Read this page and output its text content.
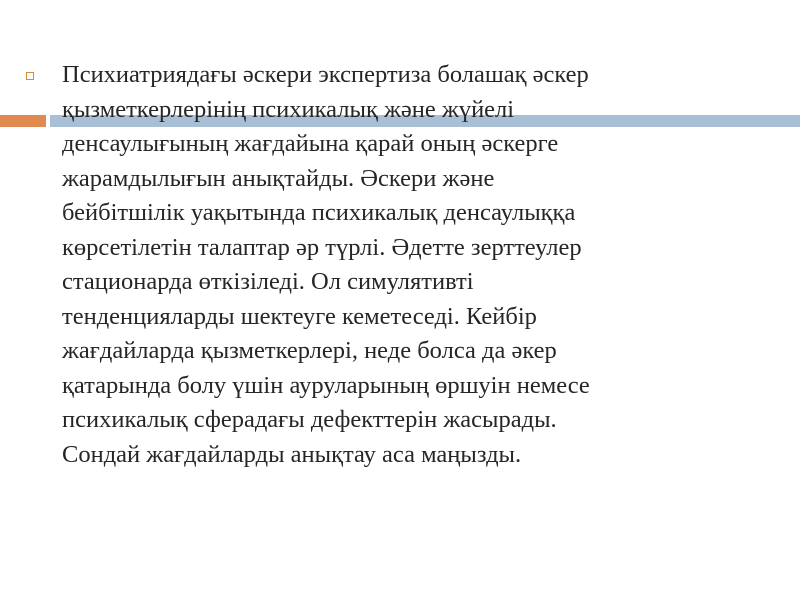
Психиатриядағы әскери экспертиза болашақ әскер
қызметкерлерінің психикалық және жүйелі
денсаулығының жағдайына қарай оның әскерге
жарамдылығын анықтайды. Әскери және
бейбітшілік уақытында психикалық денсаулыққа
көрсетілетін талаптар әр түрлі. Әдетте зерттеулер
стационарда өткізіледі. Ол симулятивті
тенденцияларды шектеуге кеметеседі. Кейбір
жағдайларда қызметкерлері, неде болса да әкер
қатарында болу үшін ауруларының өршуін немесе
психикалық сферадағы дефекттерін жасырады.
Сондай жағдайларды анықтау аса маңызды.
